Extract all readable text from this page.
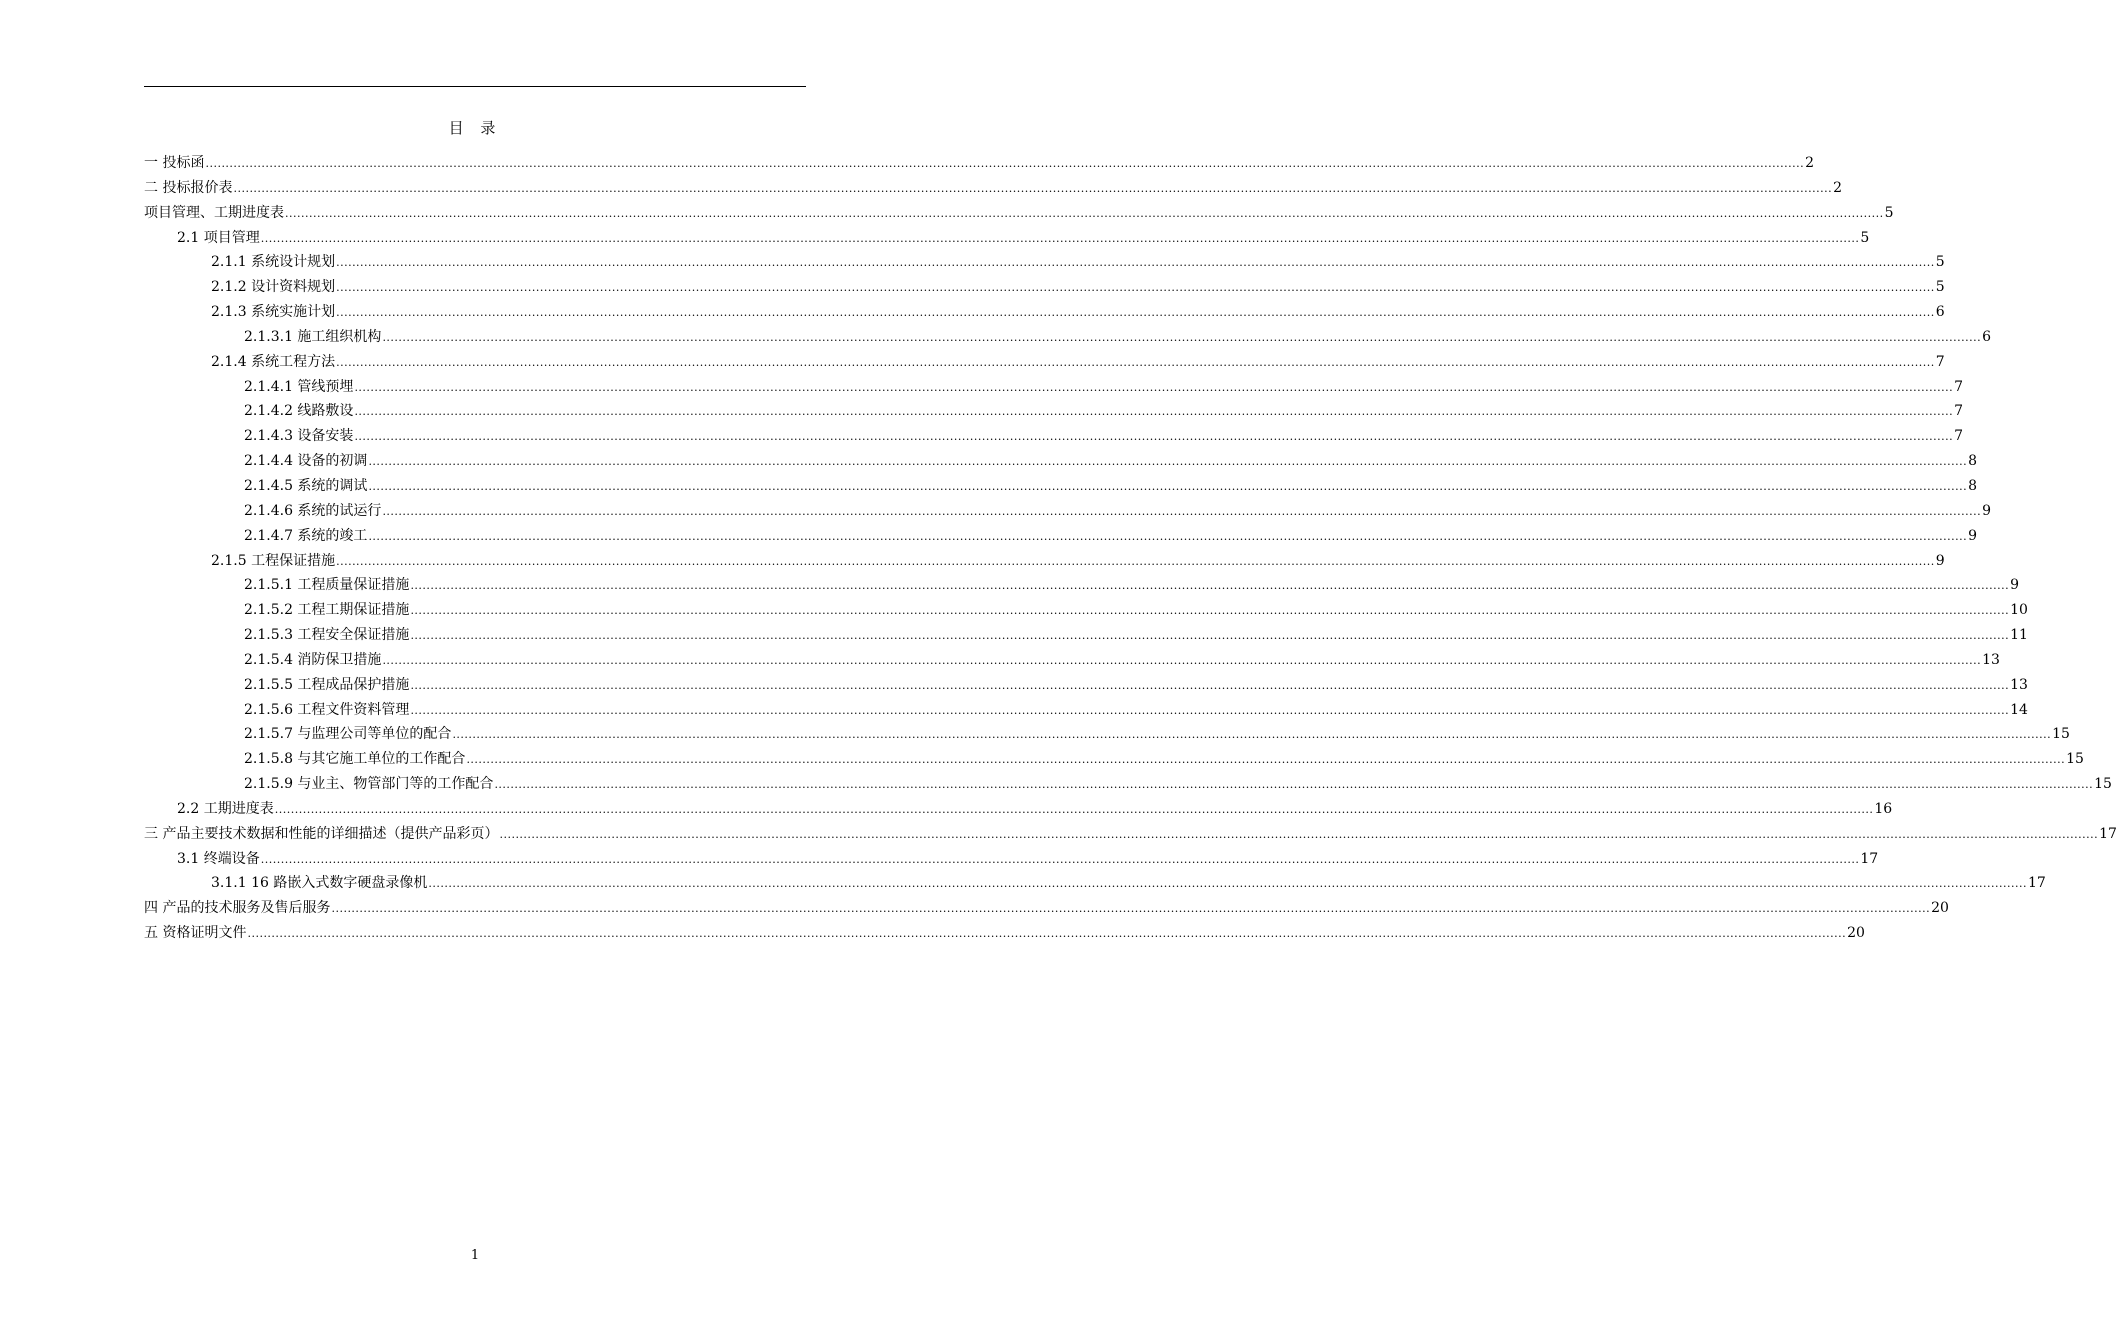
目 录
一 投标函 ................................................................................................................................................................................................................................................................................................................................................................................................................ 2
二 投标报价表 ................................................................................................................................................................................................................................................................................................................................................................................................................ 2
项目管理、工期进度表 ................................................................................................................................................................................................................................................................................................................................................................................................................ 5
2.1 项目管理 ................................................................................................................................................................................................................................................................................................................................................................................................................ 5
2.1.1 系统设计规划 ................................................................................................................................................................................................................................................................................................................................................................................................................ 5
2.1.2 设计资料规划 ................................................................................................................................................................................................................................................................................................................................................................................................................ 5
2.1.3 系统实施计划 ................................................................................................................................................................................................................................................................................................................................................................................................................ 6
2.1.3.1 施工组织机构 ................................................................................................................................................................................................................................................................................................................................................................................................................ 6
2.1.4 系统工程方法 ................................................................................................................................................................................................................................................................................................................................................................................................................ 7
2.1.4.1 管线预埋 ................................................................................................................................................................................................................................................................................................................................................................................................................ 7
2.1.4.2 线路敷设 ................................................................................................................................................................................................................................................................................................................................................................................................................ 7
2.1.4.3 设备安装 ................................................................................................................................................................................................................................................................................................................................................................................................................ 7
2.1.4.4 设备的初调 ................................................................................................................................................................................................................................................................................................................................................................................................................ 8
2.1.4.5 系统的调试 ................................................................................................................................................................................................................................................................................................................................................................................................................ 8
2.1.4.6 系统的试运行 ................................................................................................................................................................................................................................................................................................................................................................................................................ 9
2.1.4.7 系统的竣工 ................................................................................................................................................................................................................................................................................................................................................................................................................ 9
2.1.5 工程保证措施 ................................................................................................................................................................................................................................................................................................................................................................................................................ 9
2.1.5.1 工程质量保证措施 ................................................................................................................................................................................................................................................................................................................................................................................................................ 9
2.1.5.2 工程工期保证措施 ................................................................................................................................................................................................................................................................................................................................................................................................................ 10
2.1.5.3 工程安全保证措施 ................................................................................................................................................................................................................................................................................................................................................................................................................ 11
2.1.5.4 消防保卫措施 ................................................................................................................................................................................................................................................................................................................................................................................................................ 13
2.1.5.5 工程成品保护措施 ................................................................................................................................................................................................................................................................................................................................................................................................................ 13
2.1.5.6 工程文件资料管理 ................................................................................................................................................................................................................................................................................................................................................................................................................ 14
2.1.5.7 与监理公司等单位的配合 ................................................................................................................................................................................................................................................................................................................................................................................................................ 15
2.1.5.8 与其它施工单位的工作配合 ................................................................................................................................................................................................................................................................................................................................................................................................................ 15
2.1.5.9 与业主、物管部门等的工作配合 ................................................................................................................................................................................................................................................................................................................................................................................................................ 15
2.2 工期进度表 ................................................................................................................................................................................................................................................................................................................................................................................................................ 16
三 产品主要技术数据和性能的详细描述（提供产品彩页） ................................................................................................................................................................................................................................................................................................................................................................................................................ 17
3.1 终端设备 ................................................................................................................................................................................................................................................................................................................................................................................................................ 17
3.1.1 16 路嵌入式数字硬盘录像机 ................................................................................................................................................................................................................................................................................................................................................................................................................ 17
四 产品的技术服务及售后服务 ................................................................................................................................................................................................................................................................................................................................................................................................................ 20
五 资格证明文件 ................................................................................................................................................................................................................................................................................................................................................................................................................ 20
1
